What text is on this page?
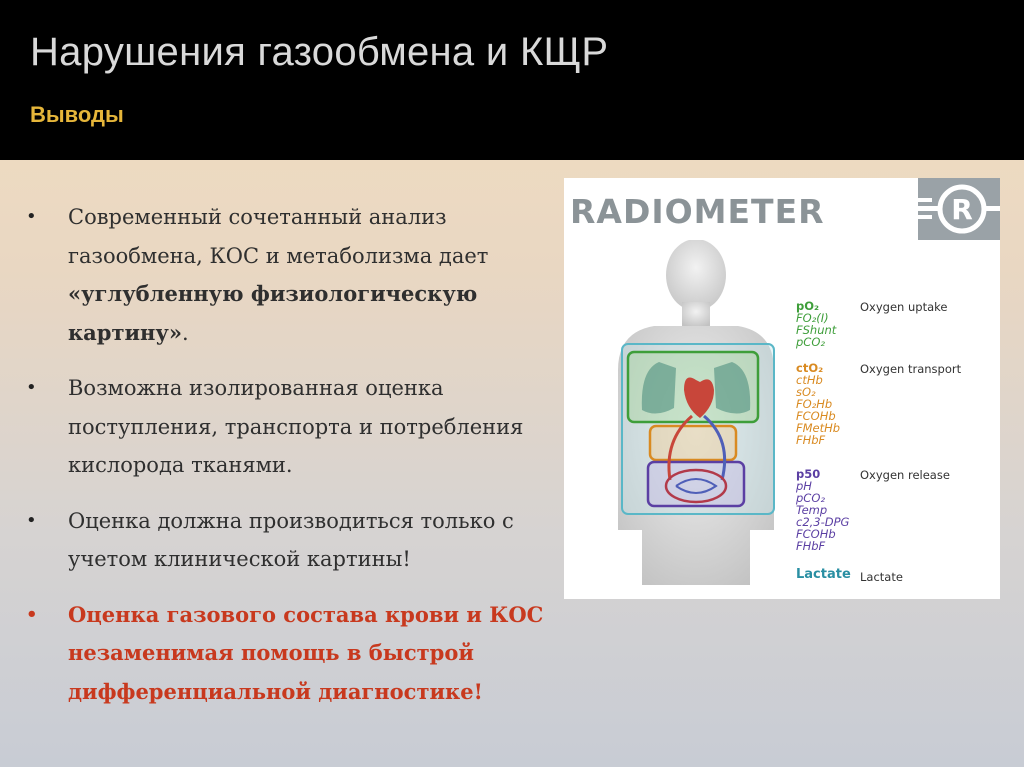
Нарушения газообмена и КЩР
Выводы
• Современный сочетанный анализ газообмена, КОС и метаболизма дает «углубленную физиологическую картину».
• Возможна изолированная оценка поступления, транспорта и потребления кислорода тканями.
• Оценка должна производиться только с учетом клинической картины!
• Оценка газового состава крови и КОС незаменимая помощь в быстрой дифференциальной диагностике!
RADIOMETER	R
pO₂	Oxygen uptake
FO₂(I)
FShunt
pCO₂
ctO₂	Oxygen transport
ctHb
sO₂
FO₂Hb
FCOHb
FMetHb
FHbF
p50	Oxygen release
pH
pCO₂
Temp
c2,3-DPG
FCOHb
FHbF
Lactate Lactate
